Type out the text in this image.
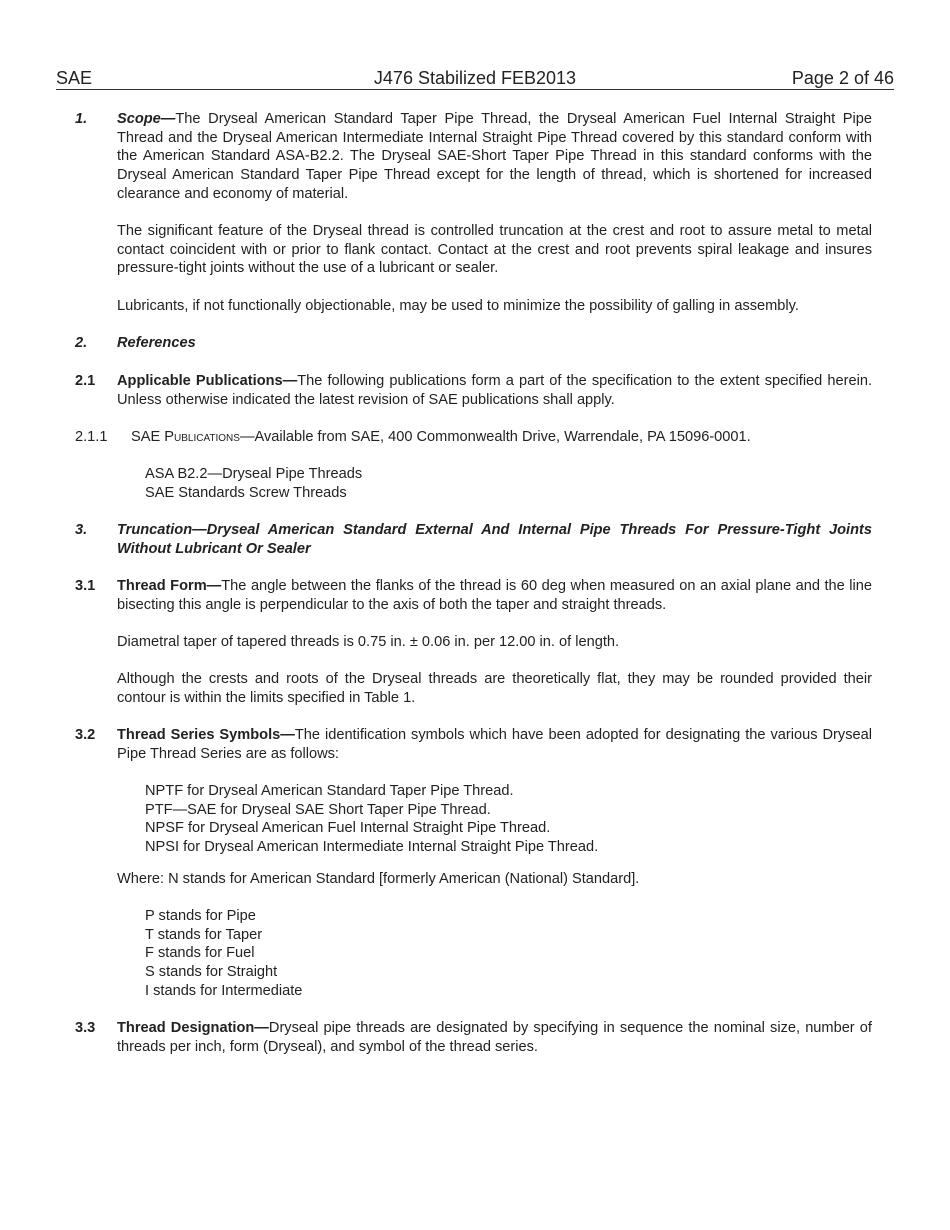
SAE	J476 Stabilized FEB2013	Page 2 of 46
1. Scope—The Dryseal American Standard Taper Pipe Thread, the Dryseal American Fuel Internal Straight Pipe Thread and the Dryseal American Intermediate Internal Straight Pipe Thread covered by this standard conform with the American Standard ASA-B2.2. The Dryseal SAE-Short Taper Pipe Thread in this standard conforms with the Dryseal American Standard Taper Pipe Thread except for the length of thread, which is shortened for increased clearance and economy of material.
The significant feature of the Dryseal thread is controlled truncation at the crest and root to assure metal to metal contact coincident with or prior to flank contact. Contact at the crest and root prevents spiral leakage and insures pressure-tight joints without the use of a lubricant or sealer.
Lubricants, if not functionally objectionable, may be used to minimize the possibility of galling in assembly.
2. References
2.1 Applicable Publications—The following publications form a part of the specification to the extent specified herein. Unless otherwise indicated the latest revision of SAE publications shall apply.
2.1.1 SAE Publications—Available from SAE, 400 Commonwealth Drive, Warrendale, PA 15096-0001.
ASA B2.2—Dryseal Pipe Threads
SAE Standards Screw Threads
3. Truncation—Dryseal American Standard External And Internal Pipe Threads For Pressure-Tight Joints Without Lubricant Or Sealer
3.1 Thread Form—The angle between the flanks of the thread is 60 deg when measured on an axial plane and the line bisecting this angle is perpendicular to the axis of both the taper and straight threads.
Diametral taper of tapered threads is 0.75 in. ± 0.06 in. per 12.00 in. of length.
Although the crests and roots of the Dryseal threads are theoretically flat, they may be rounded provided their contour is within the limits specified in Table 1.
3.2 Thread Series Symbols—The identification symbols which have been adopted for designating the various Dryseal Pipe Thread Series are as follows:
NPTF for Dryseal American Standard Taper Pipe Thread.
PTF—SAE for Dryseal SAE Short Taper Pipe Thread.
NPSF for Dryseal American Fuel Internal Straight Pipe Thread.
NPSI for Dryseal American Intermediate Internal Straight Pipe Thread.
Where: N stands for American Standard [formerly American (National) Standard].
P stands for Pipe
T stands for Taper
F stands for Fuel
S stands for Straight
I stands for Intermediate
3.3 Thread Designation—Dryseal pipe threads are designated by specifying in sequence the nominal size, number of threads per inch, form (Dryseal), and symbol of the thread series.
